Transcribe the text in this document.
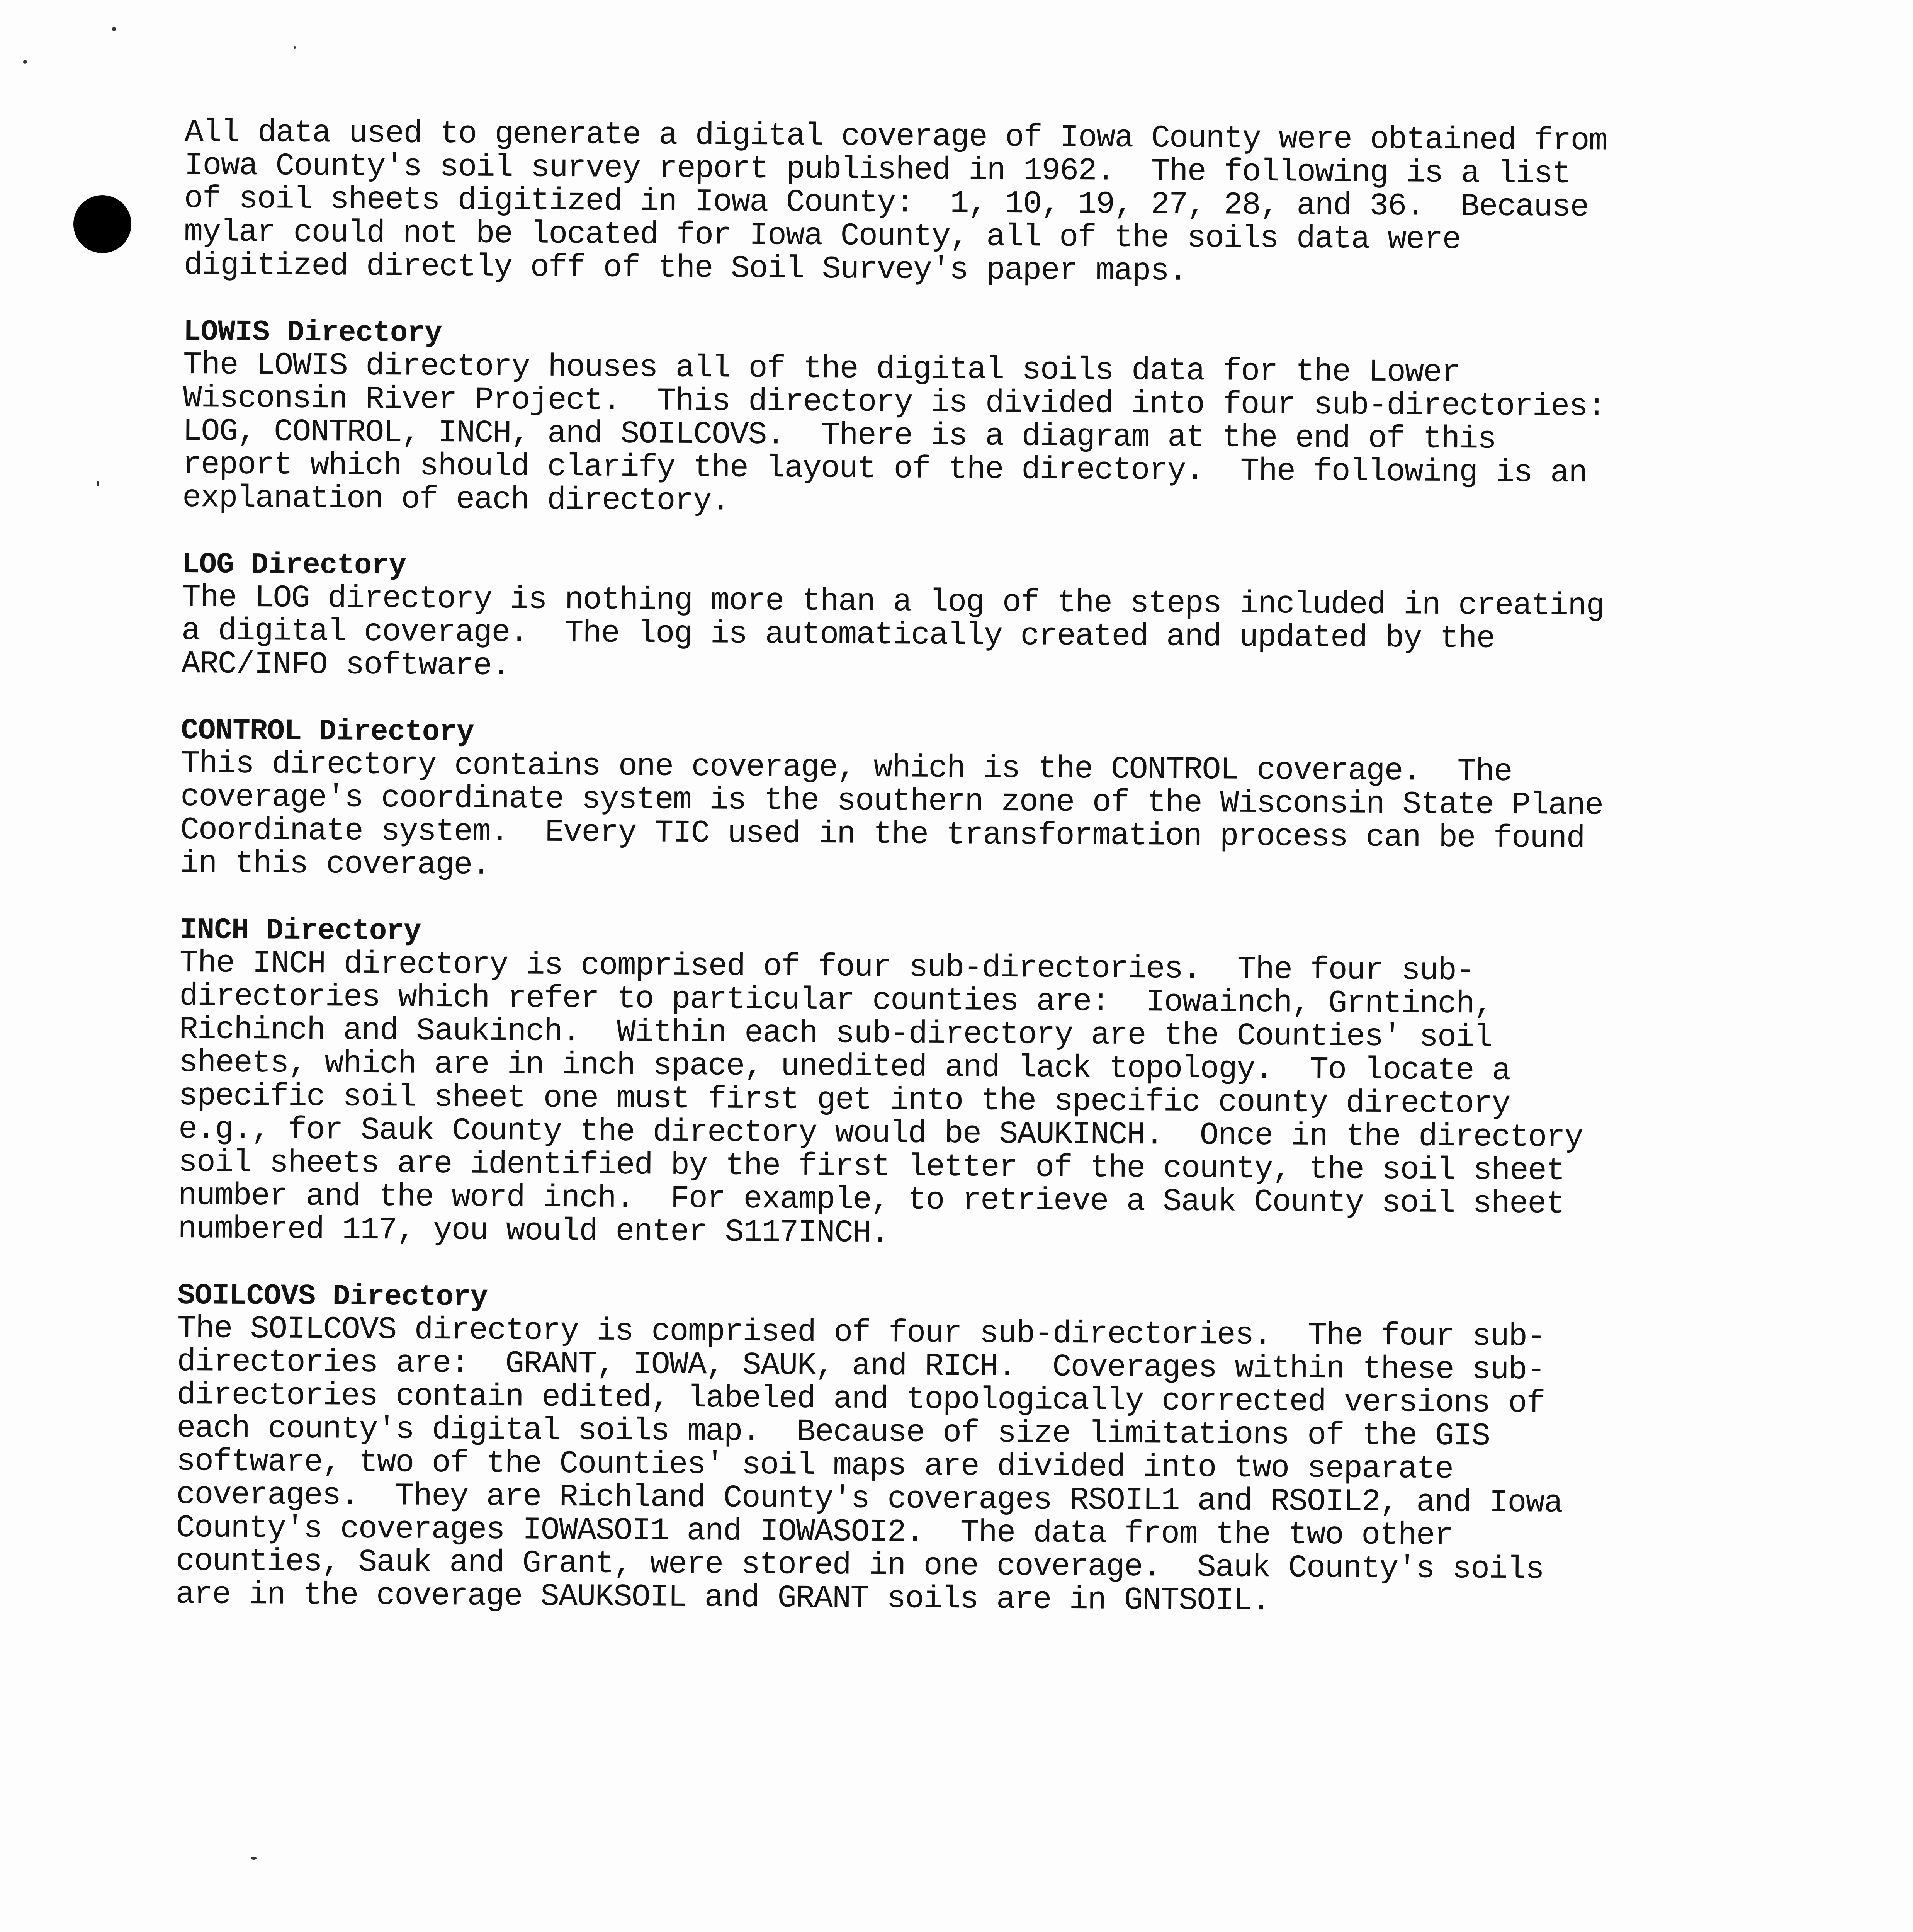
All data used to generate a digital coverage of Iowa County were obtained from

Iowa County's soil survey report published in 1962.  The following is a list

of soil sheets digitized in Iowa County:  1, 10, 19, 27, 28, and 36.  Because

mylar could not be located for Iowa County, all of the soils data were

digitized directly off of the Soil Survey's paper maps.

LOWIS Directory

The LOWIS directory houses all of the digital soils data for the Lower

Wisconsin River Project.  This directory is divided into four sub-directories:

LOG, CONTROL, INCH, and SOILCOVS.  There is a diagram at the end of this

report which should clarify the layout of the directory.  The following is an

explanation of each directory.

LOG Directory

The LOG directory is nothing more than a log of the steps included in creating

a digital coverage.  The log is automatically created and updated by the

ARC/INFO software.

CONTROL Directory

This directory contains one coverage, which is the CONTROL coverage.  The

coverage's coordinate system is the southern zone of the Wisconsin State Plane

Coordinate system.  Every TIC used in the transformation process can be found

in this coverage.

INCH Directory

The INCH directory is comprised of four sub-directories.  The four sub-

directories which refer to particular counties are:  Iowainch, Grntinch,

Richinch and Saukinch.  Within each sub-directory are the Counties' soil

sheets, which are in inch space, unedited and lack topology.  To locate a

specific soil sheet one must first get into the specific county directory

e.g., for Sauk County the directory would be SAUKINCH.  Once in the directory

soil sheets are identified by the first letter of the county, the soil sheet

number and the word inch.  For example, to retrieve a Sauk County soil sheet

numbered 117, you would enter S117INCH.

SOILCOVS Directory

The SOILCOVS directory is comprised of four sub-directories.  The four sub-

directories are:  GRANT, IOWA, SAUK, and RICH.  Coverages within these sub-

directories contain edited, labeled and topologically corrected versions of

each county's digital soils map.  Because of size limitations of the GIS

software, two of the Counties' soil maps are divided into two separate

coverages.  They are Richland County's coverages RSOIL1 and RSOIL2, and Iowa

County's coverages IOWASOI1 and IOWASOI2.  The data from the two other

counties, Sauk and Grant, were stored in one coverage.  Sauk County's soils

are in the coverage SAUKSOIL and GRANT soils are in GNTSOIL.
